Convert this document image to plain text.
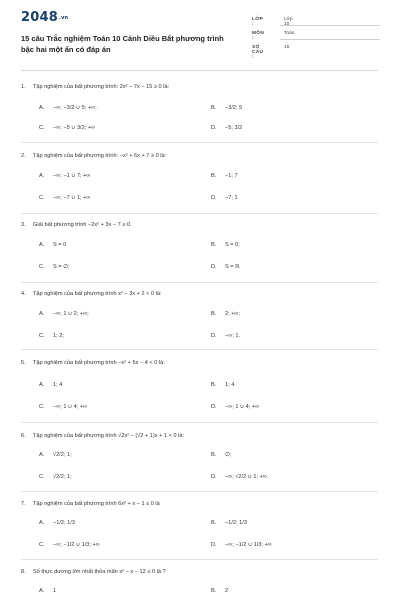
2048.vn
15 câu Trắc nghiệm Toán 10 Cánh Diều Bất phương trình bậc hai một ẩn có đáp án
LỚP :
Lớp 10
MÔN :
Toán
SỐ CÂU :
15
1. Tập nghiệm của bất phương trình: 2x² − 7x − 15 ≥ 0 là:
A. −∞; −3/2 ∪ 5; +∞;	B. −3/2; 5
C. −∞; −5 ∪ 3/2; +∞	D. −5; 3/2
2. Tập nghiệm của bất phương trình: −x² + 6x + 7 ≥ 0 là:
A. −∞; −1 ∪ 7; +∞	B. −1; 7
C. −∞; −7 ∪ 1; +∞	D. −7; 1
3. Giải bất phương trình −2x² + 3x − 7 ≥ 0.
A. S = 0	B. S = 0;
C. S = ∅;	D. S = ℝ
4. Tập nghiệm của bất phương trình x² − 3x + 2 < 0 là:
A. −∞; 1 ∪ 2; +∞;	B. 2; +∞;
C. 1; 2;	D. −∞; 1.
5. Tập nghiệm của bất phương trình −x² + 5x − 4 < 0 là:
A. 1; 4	B. 1; 4
C. −∞; 1 ∪ 4; +∞	D. −∞; 1 ∪ 4; +∞
6. Tập nghiệm của bất phương trình √2x² − (√2 + 1)x + 1 < 0 là:
A. √2/2; 1;	B. ∅;
C. √2/2; 1;	D. −∞; √2/2 ∪ 1; +∞.
7. Tập nghiệm của bất phương trình 6x² + x − 1 ≤ 0 là
A. −1/2; 1/3	B. −1/2; 1/3
C. −∞; −1/2 ∪ 1/3; +∞	D. −∞; −1/2 ∪ 1/3; +∞
8. Số thực dương lớn nhất thỏa mãn x² − x − 12 ≤ 0 là ?
A. 1	B. 2
